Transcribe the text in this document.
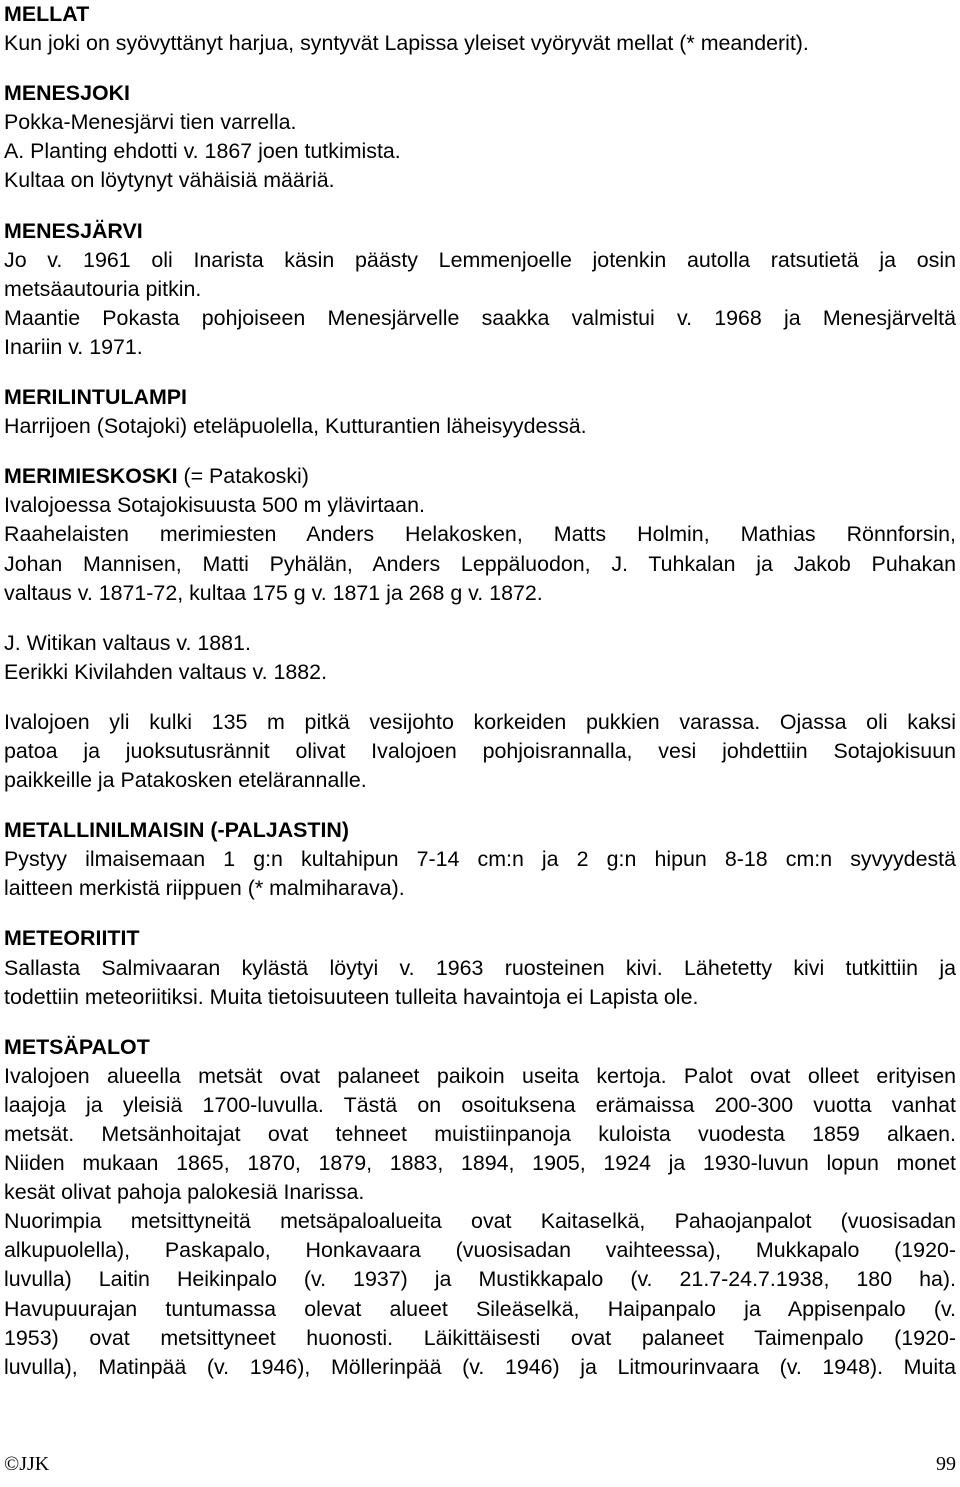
MELLAT
Kun joki on syövyttänyt harjua, syntyvät Lapissa yleiset vyöryvät mellat (* meanderit).
MENESJOKI
Pokka-Menesjärvi tien varrella.
A. Planting ehdotti v. 1867 joen tutkimista.
Kultaa on löytynyt vähäisiä määriä.
MENESJÄRVI
Jo v. 1961 oli Inarista käsin päästy Lemmenjoelle jotenkin autolla ratsutietä ja osin
metsäautouria pitkin.
Maantie Pokasta pohjoiseen Menesjärvelle saakka valmistui v. 1968 ja Menesjärveltä
Inariin v. 1971.
MERILINTULAMPI
Harrijoen (Sotajoki) eteläpuolella, Kutturantien läheisyydessä.
MERIMIESKOSKI (= Patakoski)
Ivalojoessa Sotajokisuusta 500 m ylävirtaan.
Raahelaisten merimiesten Anders Helakosken, Matts Holmin, Mathias Rönnforsin,
Johan Mannisen, Matti Pyhälän, Anders Leppäluodon, J. Tuhkalan ja Jakob Puhakan
valtaus v. 1871-72, kultaa 175 g v. 1871 ja 268 g v. 1872.
J. Witikan valtaus v. 1881.
Eerikki Kivilahden valtaus v. 1882.
Ivalojoen yli kulki 135 m pitkä vesijohto korkeiden pukkien varassa. Ojassa oli kaksi
patoa ja juoksutusrännit olivat Ivalojoen pohjoisrannalla, vesi johdettiin Sotajokisuun
paikkeille ja Patakosken etelärannalle.
METALLINILMAISIN (-PALJASTIN)
Pystyy ilmaisemaan 1 g:n kultahipun 7-14 cm:n ja 2 g:n hipun 8-18 cm:n syvyydestä
laitteen merkistä riippuen (* malmiharava).
METEORIITIT
Sallasta Salmivaaran kylästä löytyi v. 1963 ruosteinen kivi. Lähetetty kivi tutkittiin ja
todettiin meteoriitiksi. Muita tietoisuuteen tulleita havaintoja ei Lapista ole.
METSÄPALOT
Ivalojoen alueella metsät ovat palaneet paikoin useita kertoja. Palot ovat olleet erityisen
laajoja ja yleisiä 1700-luvulla. Tästä on osoituksena erämaissa 200-300 vuotta vanhat
metsät. Metsänhoitajat ovat tehneet muistiinpanoja kuloista vuodesta 1859 alkaen.
Niiden mukaan 1865, 1870, 1879, 1883, 1894, 1905, 1924 ja 1930-luvun lopun monet
kesät olivat pahoja palokesiä Inarissa.
Nuorimpia metsittyneitä metsäpaloalueita ovat Kaitaselkä, Pahaojanpalot (vuosisadan
alkupuolella), Paskapalo, Honkavaara (vuosisadan vaihteessa), Mukkapalo (1920-
luvulla) Laitin Heikinpalo (v. 1937) ja Mustikkapalo (v. 21.7-24.7.1938, 180 ha).
Havupuurajan tuntumassa olevat alueet Sileäselkä, Haipanpalo ja Appisenpalo (v.
1953) ovat metsittyneet huonosti. Läikittäisesti ovat palaneet Taimenpalo (1920-
luvulla), Matinpää (v. 1946), Möllerinpää (v. 1946) ja Litmourinvaara (v. 1948). Muita
©JJK	99
